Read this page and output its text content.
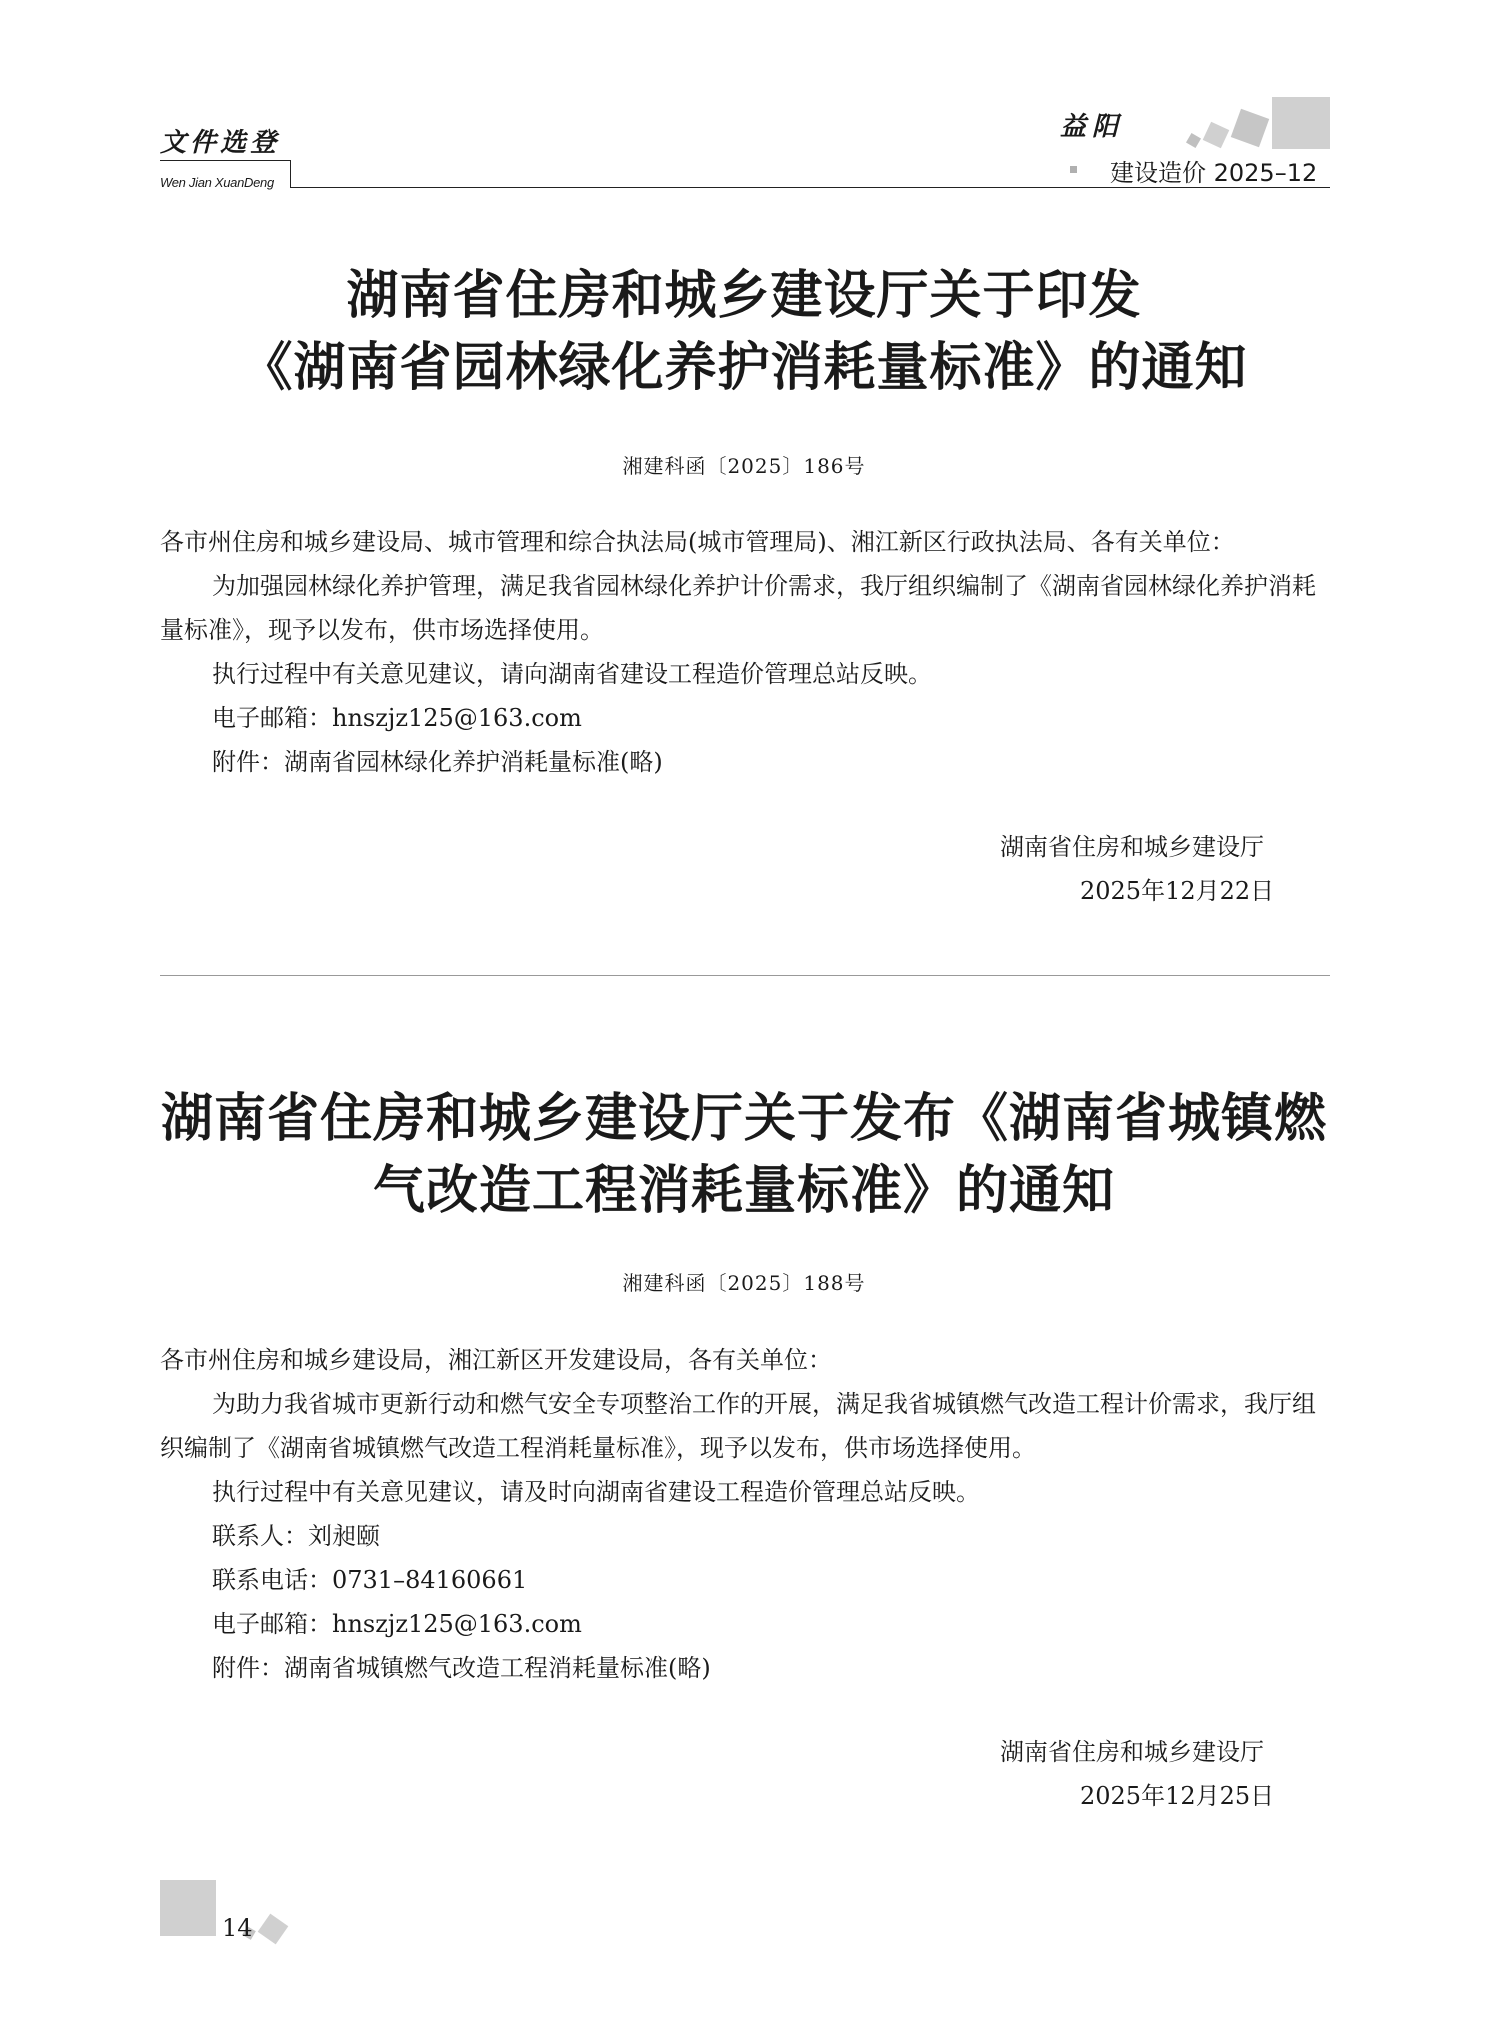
文件选登
Wen Jian XuanDeng
益阳
建设造价 2025–12
湖南省住房和城乡建设厅关于印发
《湖南省园林绿化养护消耗量标准》的通知
湘建科函〔2025〕186号

各市州住房和城乡建设局、城市管理和综合执法局(城市管理局)、湘江新区行政执法局、各有关单位：

为加强园林绿化养护管理，满足我省园林绿化养护计价需求，我厅组织编制了《湖南省园林绿化养护消耗量标准》，现予以发布，供市场选择使用。

执行过程中有关意见建议，请向湖南省建设工程造价管理总站反映。

电子邮箱：hnszjz125@163.com

附件：湖南省园林绿化养护消耗量标准(略)

湖南省住房和城乡建设厅
2025年12月22日
湖南省住房和城乡建设厅关于发布《湖南省城镇燃
气改造工程消耗量标准》的通知
湘建科函〔2025〕188号

各市州住房和城乡建设局，湘江新区开发建设局，各有关单位：

为助力我省城市更新行动和燃气安全专项整治工作的开展，满足我省城镇燃气改造工程计价需求，我厅组织编制了《湖南省城镇燃气改造工程消耗量标准》，现予以发布，供市场选择使用。

执行过程中有关意见建议，请及时向湖南省建设工程造价管理总站反映。

联系人：刘昶颐

联系电话：0731–84160661

电子邮箱：hnszjz125@163.com

附件：湖南省城镇燃气改造工程消耗量标准(略)

湖南省住房和城乡建设厅
2025年12月25日
14
